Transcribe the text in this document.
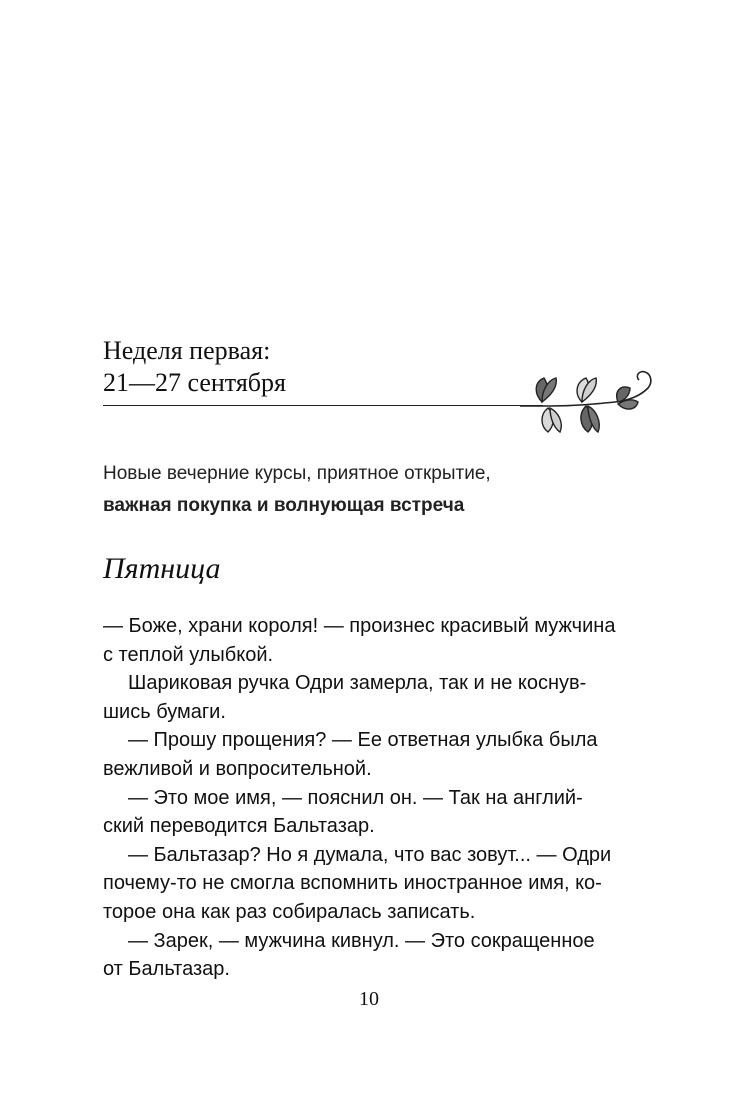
Неделя первая:
21—27 сентября
Новые вечерние курсы, приятное открытие,
важная покупка и волнующая встреча
Пятница
— Боже, храни короля! — произнес красивый мужчина
с теплой улыбкой.
Шариковая ручка Одри замерла, так и не коснув-
шись бумаги.
— Прошу прощения? — Ее ответная улыбка была
вежливой и вопросительной.
— Это мое имя, — пояснил он. — Так на англий-
ский переводится Бальтазар.
— Бальтазар? Но я думала, что вас зовут... — Одри
почему-то не смогла вспомнить иностранное имя, ко-
торое она как раз собиралась записать.
— Зарек, — мужчина кивнул. — Это сокращенное
от Бальтазар.
10
